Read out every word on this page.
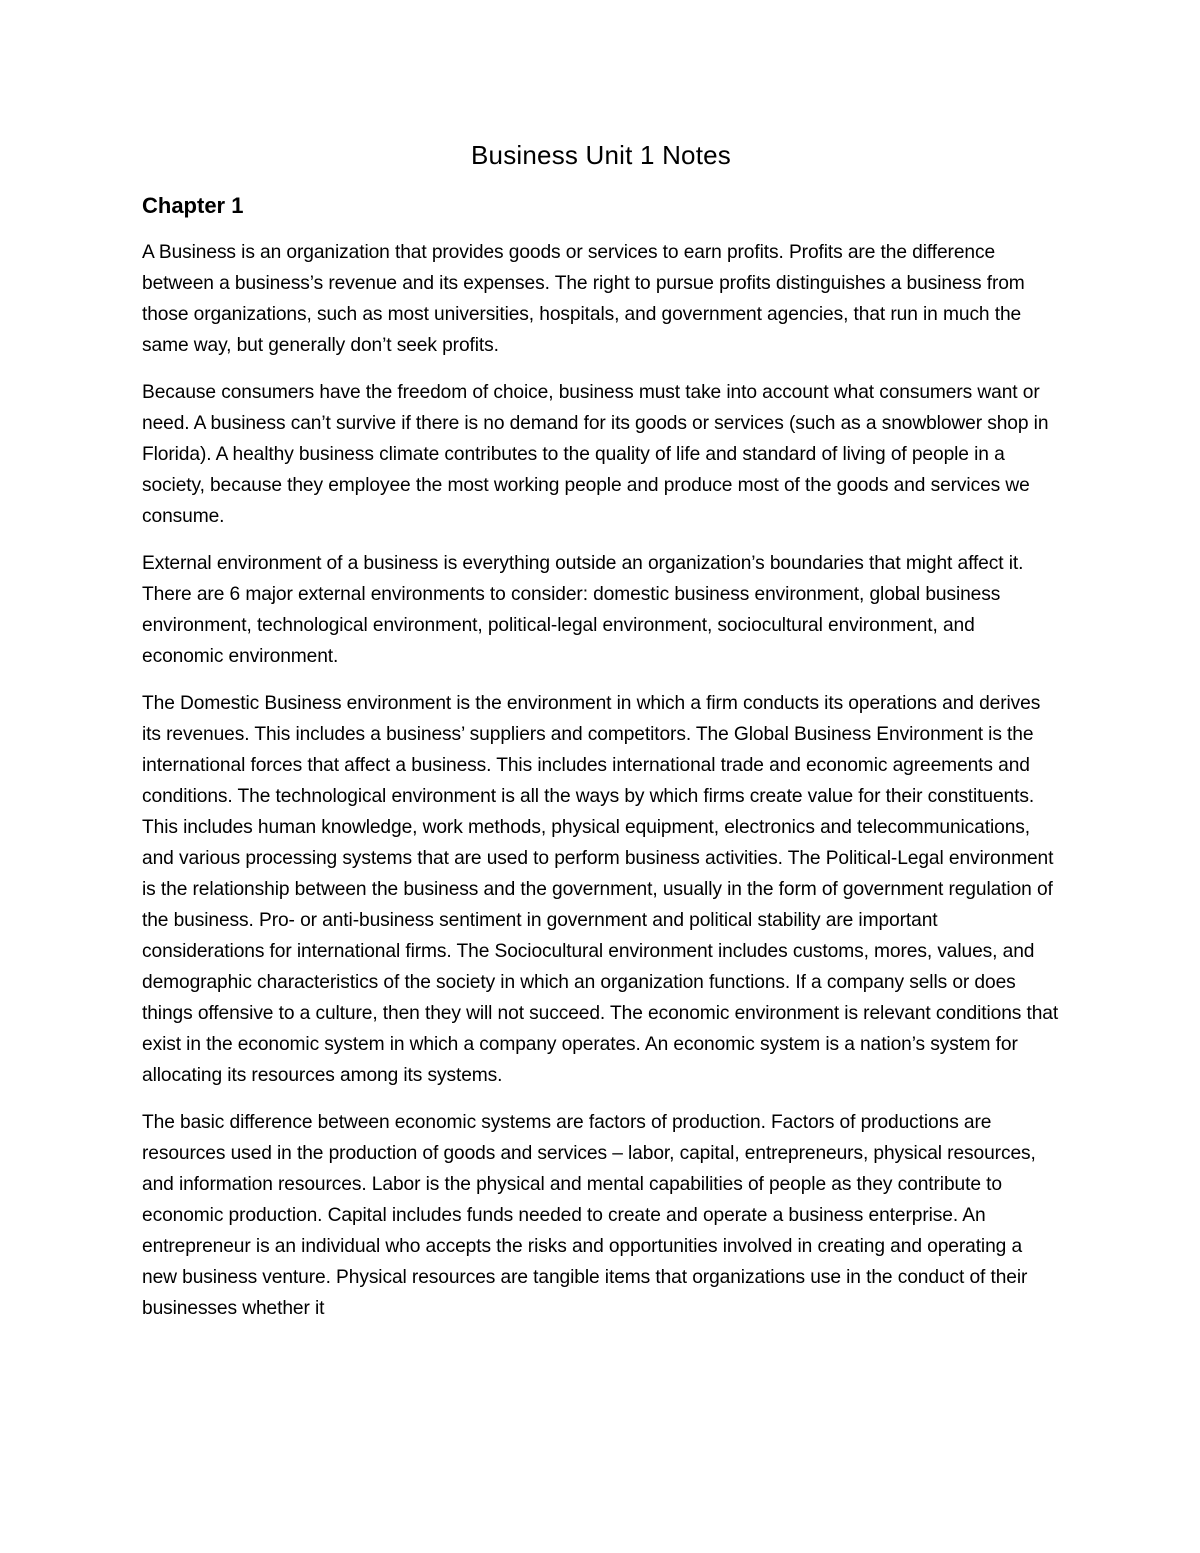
Business Unit 1 Notes
Chapter 1

A Business is an organization that provides goods or services to earn profits. Profits are the difference between a business’s revenue and its expenses. The right to pursue profits distinguishes a business from those organizations, such as most universities, hospitals, and government agencies, that run in much the same way, but generally don’t seek profits.

Because consumers have the freedom of choice, business must take into account what consumers want or need. A business can’t survive if there is no demand for its goods or services (such as a snowblower shop in Florida). A healthy business climate contributes to the quality of life and standard of living of people in a society, because they employee the most working people and produce most of the goods and services we consume.

External environment of a business is everything outside an organization’s boundaries that might affect it. There are 6 major external environments to consider: domestic business environment, global business environment, technological environment, political-legal environment, sociocultural environment, and economic environment.

The Domestic Business environment is the environment in which a firm conducts its operations and derives its revenues. This includes a business’ suppliers and competitors. The Global Business Environment is the international forces that affect a business. This includes international trade and economic agreements and conditions. The technological environment is all the ways by which firms create value for their constituents. This includes human knowledge, work methods, physical equipment, electronics and telecommunications, and various processing systems that are used to perform business activities. The Political-Legal environment is the relationship between the business and the government, usually in the form of government regulation of the business. Pro- or anti-business sentiment in government and political stability are important considerations for international firms. The Sociocultural environment includes customs, mores, values, and demographic characteristics of the society in which an organization functions. If a company sells or does things offensive to a culture, then they will not succeed. The economic environment is relevant conditions that exist in the economic system in which a company operates. An economic system is a nation’s system for allocating its resources among its systems.

The basic difference between economic systems are factors of production. Factors of productions are resources used in the production of goods and services – labor, capital, entrepreneurs, physical resources, and information resources. Labor is the physical and mental capabilities of people as they contribute to economic production. Capital includes funds needed to create and operate a business enterprise. An entrepreneur is an individual who accepts the risks and opportunities involved in creating and operating a new business venture. Physical resources are tangible items that organizations use in the conduct of their businesses whether it
